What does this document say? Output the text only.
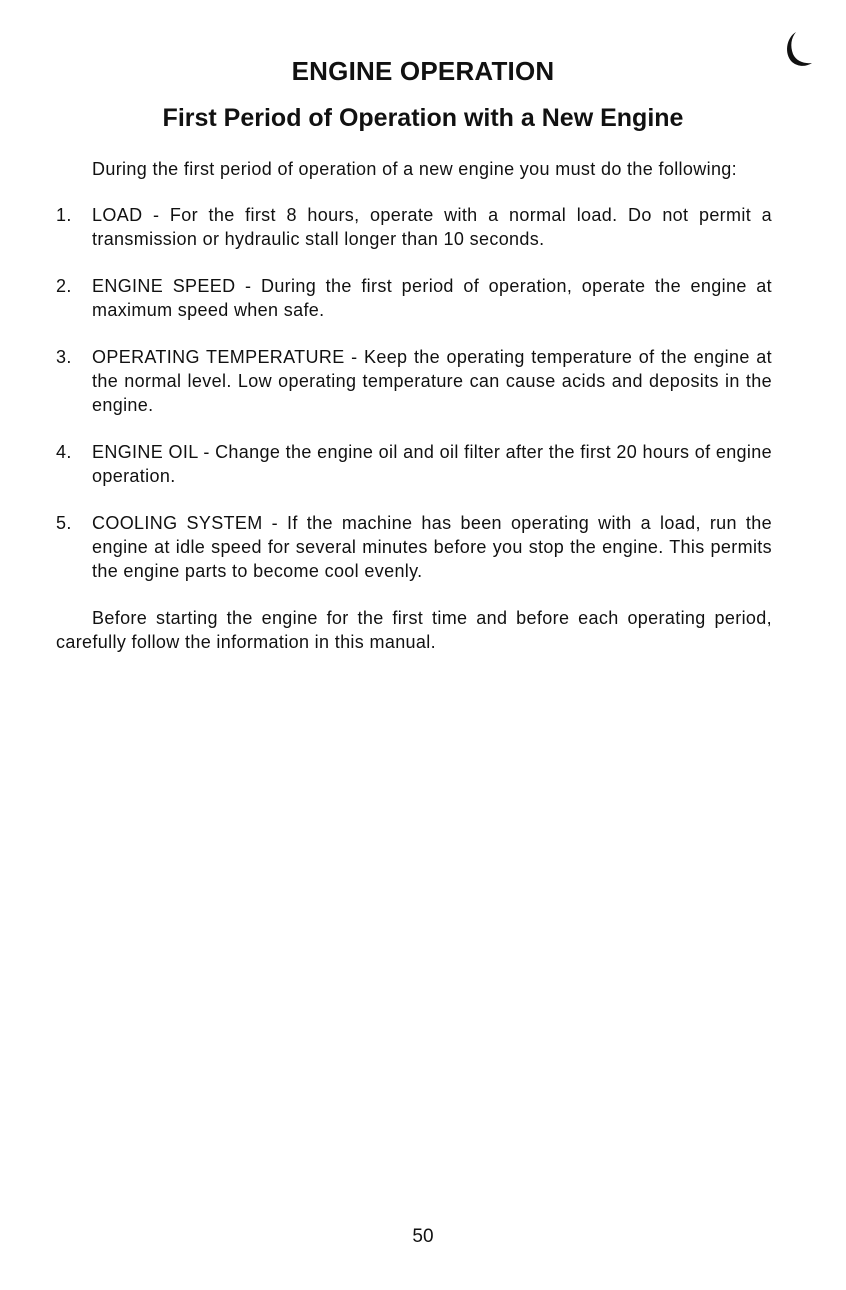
ENGINE OPERATION
First Period of Operation with a New Engine

During the first period of operation of a new engine you must do the following:

1. LOAD - For the first 8 hours, operate with a normal load. Do not permit a transmission or hydraulic stall longer than 10 seconds.
2. ENGINE SPEED - During the first period of operation, operate the engine at maximum speed when safe.
3. OPERATING TEMPERATURE - Keep the operating temperature of the engine at the normal level. Low operating temperature can cause acids and deposits in the engine.
4. ENGINE OIL - Change the engine oil and oil filter after the first 20 hours of engine operation.
5. COOLING SYSTEM - If the machine has been operating with a load, run the engine at idle speed for several minutes before you stop the engine. This permits the engine parts to become cool evenly.

Before starting the engine for the first time and before each operating period, carefully follow the information in this manual.

50
